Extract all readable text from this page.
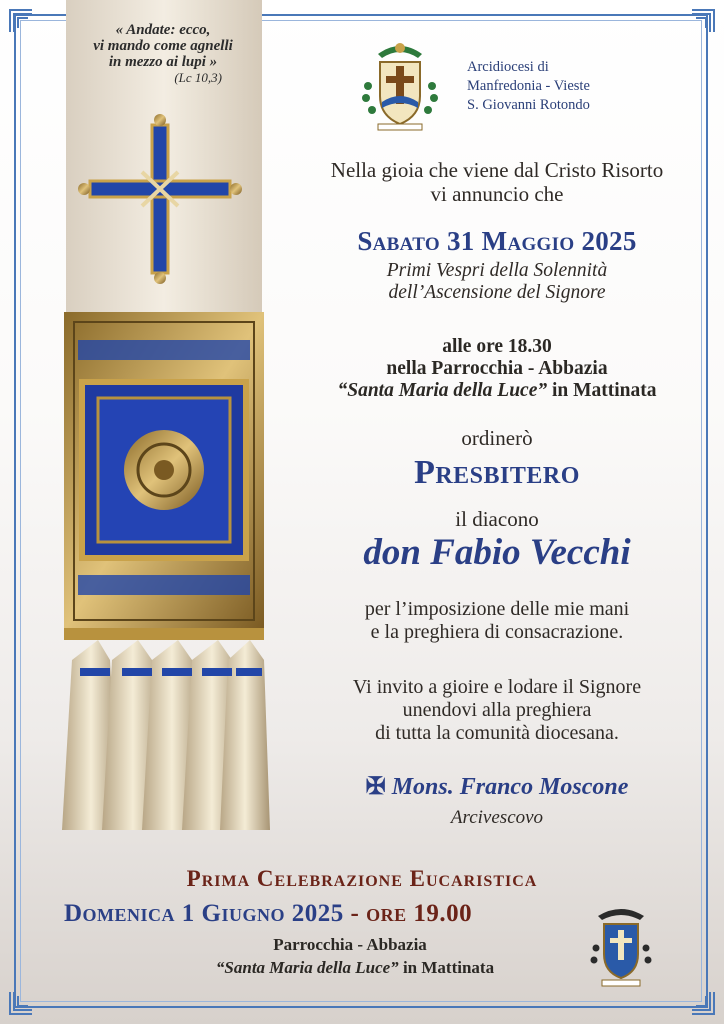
« Andate: ecco,
vi mando come agnelli
in mezzo ai lupi »
(Lc 10,3)
Arcidiocesi di
Manfredonia - Vieste
S. Giovanni Rotondo
Nella gioia che viene dal Cristo Risorto
vi annuncio che
Sabato 31 Maggio 2025
Primi Vespri della Solennità
dell’Ascensione del Signore
alle ore 18.30
nella Parrocchia - Abbazia
“Santa Maria della Luce” in Mattinata
ordinerò
Presbitero
il diacono
don Fabio Vecchi
per l’imposizione delle mie mani
e la preghiera di consacrazione.
Vi invito a gioire e lodare il Signore
unendovi alla preghiera
di tutta la comunità diocesana.
✠ Mons. Franco Moscone
Arcivescovo
Prima Celebrazione Eucaristica
Domenica 1 Giugno 2025 - ore 19.00
Parrocchia - Abbazia
“Santa Maria della Luce” in Mattinata
